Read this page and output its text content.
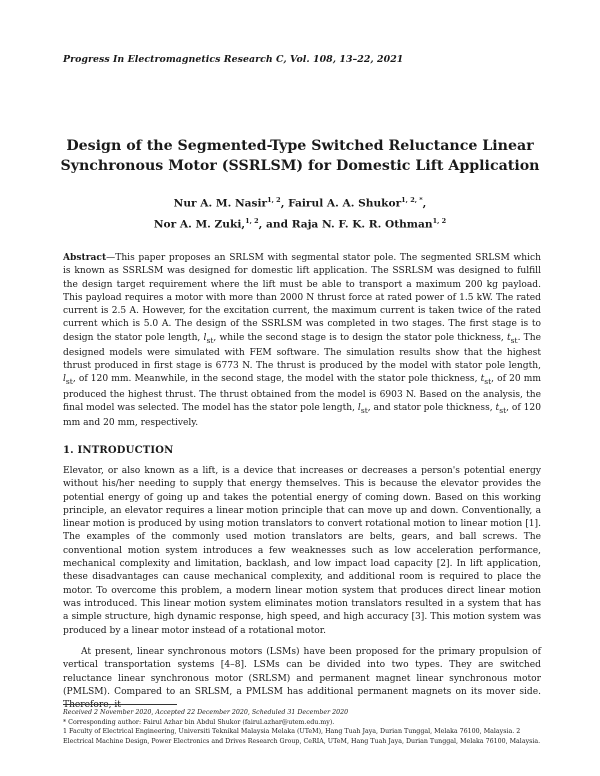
Progress In Electromagnetics Research C, Vol. 108, 13–22, 2021
Design of the Segmented-Type Switched Reluctance Linear
Synchronous Motor (SSRLSM) for Domestic Lift Application
Nur A. M. Nasir$^{1, 2}$, Fairul A. A. Shukor$^{1, 2, *}$,
Nor A. M. Zuki,$^{1, 2}$, and Raja N. F. K. R. Othman$^{1, 2}$
Abstract—This paper proposes an SRLSM with segmental stator pole. The segmented SRLSM which is known as SSRLSM was designed for domestic lift application. The SSRLSM was designed to fulfill the design target requirement where the lift must be able to transport a maximum 200 kg payload. This payload requires a motor with more than 2000 N thrust force at rated power of 1.5 kW. The rated current is 2.5 A. However, for the excitation current, the maximum current is taken twice of the rated current which is 5.0 A. The design of the SSRLSM was completed in two stages. The first stage is to design the stator pole length, $l_{st}$, while the second stage is to design the stator pole thickness, $t_{st}$. The designed models were simulated with FEM software. The simulation results show that the highest thrust produced in first stage is 6773 N. The thrust is produced by the model with stator pole length, $l_{st}$, of 120 mm. Meanwhile, in the second stage, the model with the stator pole thickness, $t_{st}$, of 20 mm produced the highest thrust. The thrust obtained from the model is 6903 N. Based on the analysis, the final model was selected. The model has the stator pole length, $l_{st}$, and stator pole thickness, $t_{st}$, of 120 mm and 20 mm, respectively.
1. INTRODUCTION
Elevator, or also known as a lift, is a device that increases or decreases a person's potential energy without his/her needing to supply that energy themselves. This is because the elevator provides the potential energy of going up and takes the potential energy of coming down. Based on this working principle, an elevator requires a linear motion principle that can move up and down. Conventionally, a linear motion is produced by using motion translators to convert rotational motion to linear motion [1]. The examples of the commonly used motion translators are belts, gears, and ball screws. The conventional motion system introduces a few weaknesses such as low acceleration performance, mechanical complexity and limitation, backlash, and low impact load capacity [2]. In lift application, these disadvantages can cause mechanical complexity, and additional room is required to place the motor. To overcome this problem, a modern linear motion system that produces direct linear motion was introduced. This linear motion system eliminates motion translators resulted in a system that has a simple structure, high dynamic response, high speed, and high accuracy [3]. This motion system was produced by a linear motor instead of a rotational motor.
At present, linear synchronous motors (LSMs) have been proposed for the primary propulsion of vertical transportation systems [4–8]. LSMs can be divided into two types. They are switched reluctance linear synchronous motor (SRLSM) and permanent magnet linear synchronous motor (PMLSM). Compared to an SRLSM, a PMLSM has additional permanent magnets on its mover side. Therefore, it
Received 2 November 2020, Accepted 22 December 2020, Scheduled 31 December 2020
* Corresponding author: Fairul Azhar bin Abdul Shukor (fairul.azhar@utem.edu.my).
1 Faculty of Electrical Engineering, Universiti Teknikal Malaysia Melaka (UTeM), Hang Tuah Jaya, Durian Tunggal, Melaka 76100, Malaysia. 2 Electrical Machine Design, Power Electronics and Drives Research Group, CeRIA, UTeM, Hang Tuah Jaya, Durian Tunggal, Melaka 76100, Malaysia.
